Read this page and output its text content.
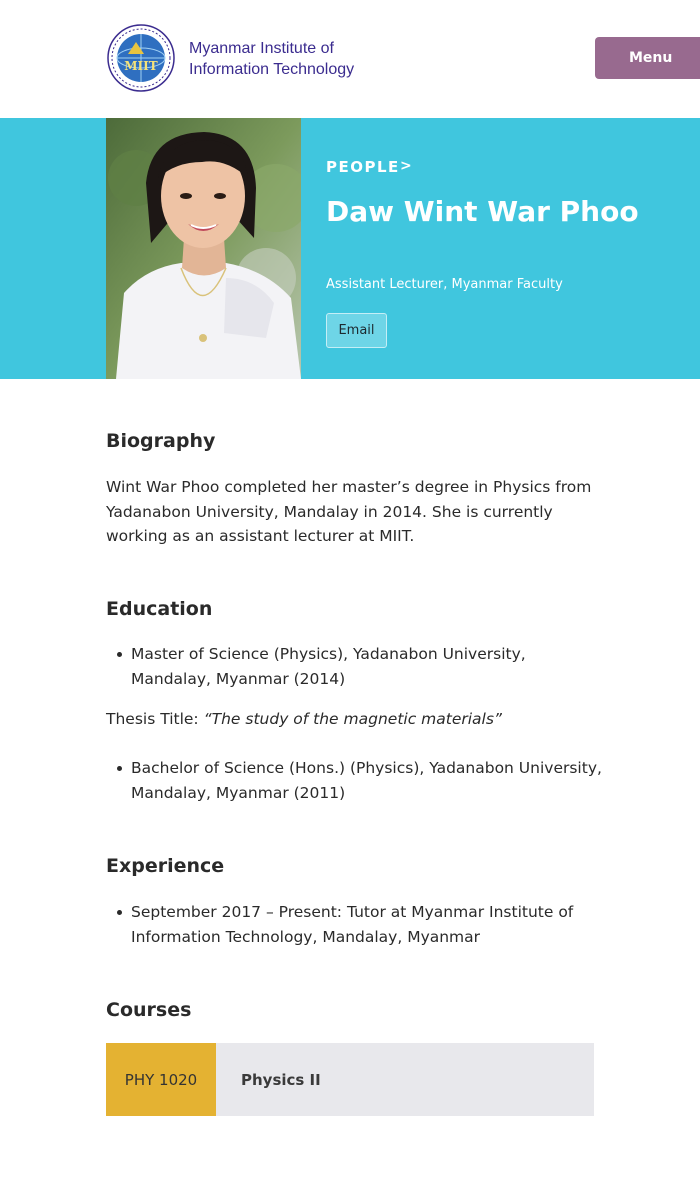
MIIT
Myanmar Institute of
Information Technology
Menu
PEOPLE >
Daw Wint War Phoo
Assistant Lecturer, Myanmar Faculty
Email
Biography

Wint War Phoo completed her master’s degree in Physics from Yadanabon University, Mandalay in 2014. She is currently working as an assistant lecturer at MIIT.

Education
Master of Science (Physics), Yadanabon University, Mandalay, Myanmar (2014)

Thesis Title: “The study of the magnetic materials”

Bachelor of Science (Hons.) (Physics), Yadanabon University, Mandalay, Myanmar (2011)
Experience
September 2017 – Present: Tutor at Myanmar Institute of Information Technology, Mandalay, Myanmar
Courses
PHY 1020	Physics II
